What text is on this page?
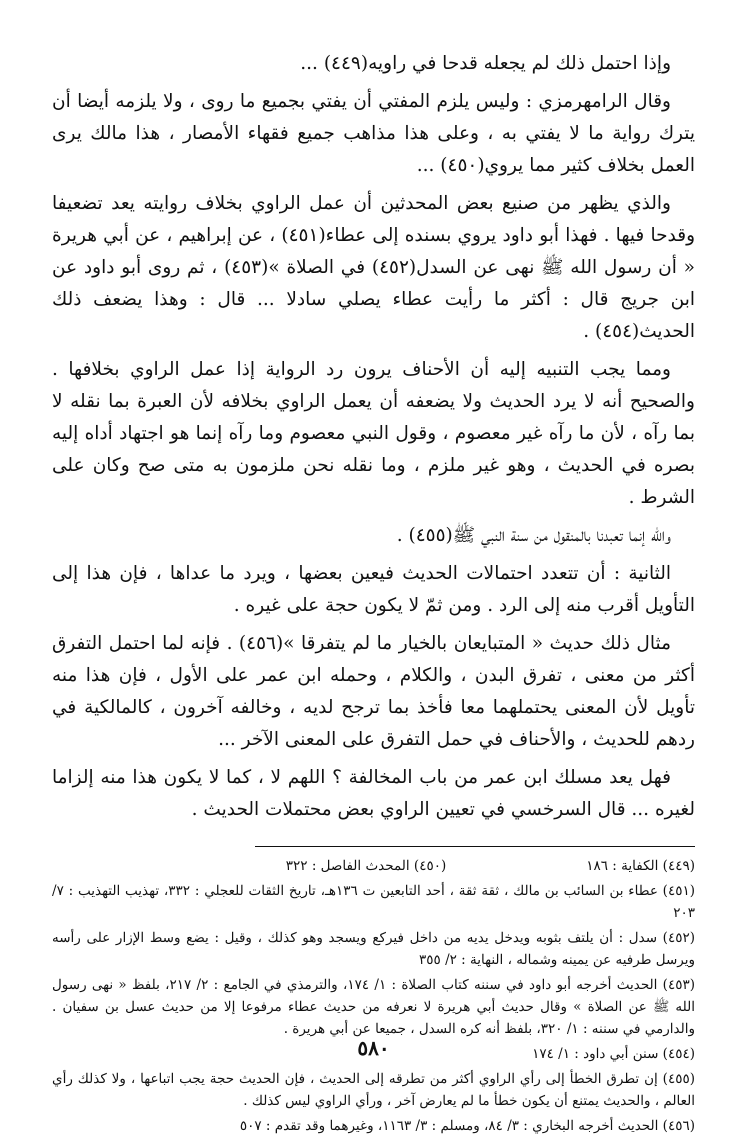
وإذا احتمل ذلك لم يجعله قدحا في راويه(٤٤٩) ...

وقال الرامهرمزي : وليس يلزم المفتي أن يفتي بجميع ما روى ، ولا يلزمه أيضا أن يترك رواية ما لا يفتي به ، وعلى هذا مذاهب جميع فقهاء الأمصار ، هذا مالك يرى العمل بخلاف كثير مما يروي(٤٥٠) ...

والذي يظهر من صنيع بعض المحدثين أن عمل الراوي بخلاف روايته يعد تضعيفا وقدحا فيها . فهذا أبو داود يروي بسنده إلى عطاء(٤٥١) ، عن إبراهيم ، عن أبي هريرة « أن رسول الله ﷺ نهى عن السدل(٤٥٢) في الصلاة »(٤٥٣) ، ثم روى أبو داود عن ابن جريج قال : أكثر ما رأيت عطاء يصلي سادلا ... قال : وهذا يضعف ذلك الحديث(٤٥٤) .

ومما يجب التنبيه إليه أن الأحناف يرون رد الرواية إذا عمل الراوي بخلافها . والصحيح أنه لا يرد الحديث ولا يضعفه أن يعمل الراوي بخلافه لأن العبرة بما نقله لا بما رآه ، لأن ما رآه غير معصوم ، وقول النبي معصوم وما رآه إنما هو اجتهاد أداه إليه بصره في الحديث ، وهو غير ملزم ، وما نقله نحن ملزمون به متى صح وكان على الشرط .

والله إنما تعبدنا بالمنقول من سنة النبي ﷺ(٤٥٥) .

الثانية : أن تتعدد احتمالات الحديث فيعين بعضها ، ويرد ما عداها ، فإن هذا إلى التأويل أقرب منه إلى الرد . ومن ثمّ لا يكون حجة على غيره .

مثال ذلك حديث « المتبايعان بالخيار ما لم يتفرقا »(٤٥٦) . فإنه لما احتمل التفرق أكثر من معنى ، تفرق البدن ، والكلام ، وحمله ابن عمر على الأول ، فإن هذا منه تأويل لأن المعنى يحتملهما معا فأخذ بما ترجح لديه ، وخالفه آخرون ، كالمالكية في ردهم للحديث ، والأحناف في حمل التفرق على المعنى الآخر ...

فهل يعد مسلك ابن عمر من باب المخالفة ؟ اللهم لا ، كما لا يكون هذا منه إلزاما لغيره ... قال السرخسي في تعيين الراوي بعض محتملات الحديث .

(٤٤٩) الكفاية : ١٨٦
(٤٥٠) المحدث الفاصل : ٣٢٢

(٤٥١) عطاء بن السائب بن مالك ، ثقة ثقة ، أحد التابعين ت ١٣٦هـ، تاريخ الثقات للعجلي : ٣٣٢، تهذيب التهذيب : ٧/ ٢٠٣

(٤٥٢) سدل : أن يلتف بثوبه ويدخل يديه من داخل فيركع ويسجد وهو كذلك ، وقيل : يضع وسط الإزار على رأسه ويرسل طرفيه عن يمينه وشماله ، النهاية : ٢/ ٣٥٥

(٤٥٣) الحديث أخرجه أبو داود في سننه كتاب الصلاة : ١/ ١٧٤، والترمذي في الجامع : ٢/ ٢١٧، بلفظ « نهى رسول الله ﷺ عن الصلاة » وقال حديث أبي هريرة لا نعرفه من حديث عطاء مرفوعا إلا من حديث عسل بن سفيان . والدارمي في سننه : ١/ ٣٢٠، بلفظ أنه كره السدل ، جميعا عن أبي هريرة .

(٤٥٤) سنن أبي داود : ١/ ١٧٤

(٤٥٥) إن تطرق الخطأ إلى رأي الراوي أكثر من تطرقه إلى الحديث ، فإن الحديث حجة يجب اتباعها ، ولا كذلك رأي العالم ، والحديث يمتنع أن يكون خطأ ما لم يعارض آخر ، ورأي الراوي ليس كذلك .

(٤٥٦) الحديث أخرجه البخاري : ٣/ ٨٤، ومسلم : ٣/ ١١٦٣، وغيرهما وقد تقدم : ٥٠٧

٥٨٠
